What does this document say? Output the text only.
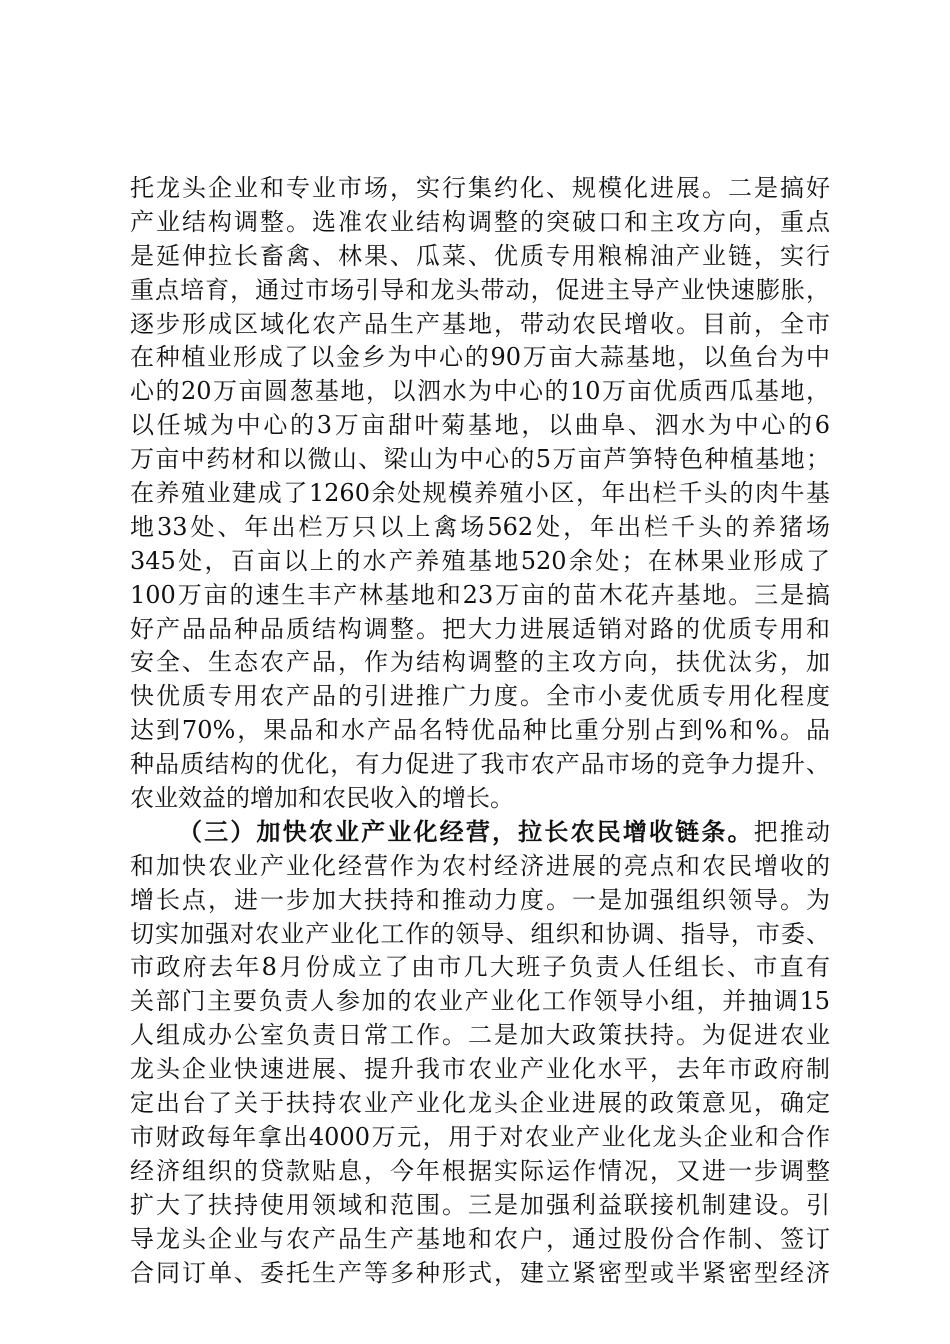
托龙头企业和专业市场，实行集约化、规模化进展。二是搞好
产业结构调整。选准农业结构调整的突破口和主攻方向，重点
是延伸拉长畜禽、林果、瓜菜、优质专用粮棉油产业链，实行
重点培育，通过市场引导和龙头带动，促进主导产业快速膨胀，
逐步形成区域化农产品生产基地，带动农民增收。目前，全市
在种植业形成了以金乡为中心的90万亩大蒜基地，以鱼台为中
心的20万亩圆葱基地，以泗水为中心的10万亩优质西瓜基地，
以任城为中心的3万亩甜叶菊基地，以曲阜、泗水为中心的6
万亩中药材和以微山、梁山为中心的5万亩芦笋特色种植基地；
在养殖业建成了1260余处规模养殖小区，年出栏千头的肉牛基
地33处、年出栏万只以上禽场562处，年出栏千头的养猪场
345处，百亩以上的水产养殖基地520余处；在林果业形成了
100万亩的速生丰产林基地和23万亩的苗木花卉基地。三是搞
好产品品种品质结构调整。把大力进展适销对路的优质专用和
安全、生态农产品，作为结构调整的主攻方向，扶优汰劣，加
快优质专用农产品的引进推广力度。全市小麦优质专用化程度
达到70%，果品和水产品名特优品种比重分别占到%和%。品
种品质结构的优化，有力促进了我市农产品市场的竞争力提升、
农业效益的增加和农民收入的增长。
（三）加快农业产业化经营，拉长农民增收链条。把推动
和加快农业产业化经营作为农村经济进展的亮点和农民增收的
增长点，进一步加大扶持和推动力度。一是加强组织领导。为
切实加强对农业产业化工作的领导、组织和协调、指导，市委、
市政府去年8月份成立了由市几大班子负责人任组长、市直有
关部门主要负责人参加的农业产业化工作领导小组，并抽调15
人组成办公室负责日常工作。二是加大政策扶持。为促进农业
龙头企业快速进展、提升我市农业产业化水平，去年市政府制
定出台了关于扶持农业产业化龙头企业进展的政策意见，确定
市财政每年拿出4000万元，用于对农业产业化龙头企业和合作
经济组织的贷款贴息，今年根据实际运作情况，又进一步调整
扩大了扶持使用领域和范围。三是加强利益联接机制建设。引
导龙头企业与农产品生产基地和农户，通过股份合作制、签订
合同订单、委托生产等多种形式，建立紧密型或半紧密型经济
